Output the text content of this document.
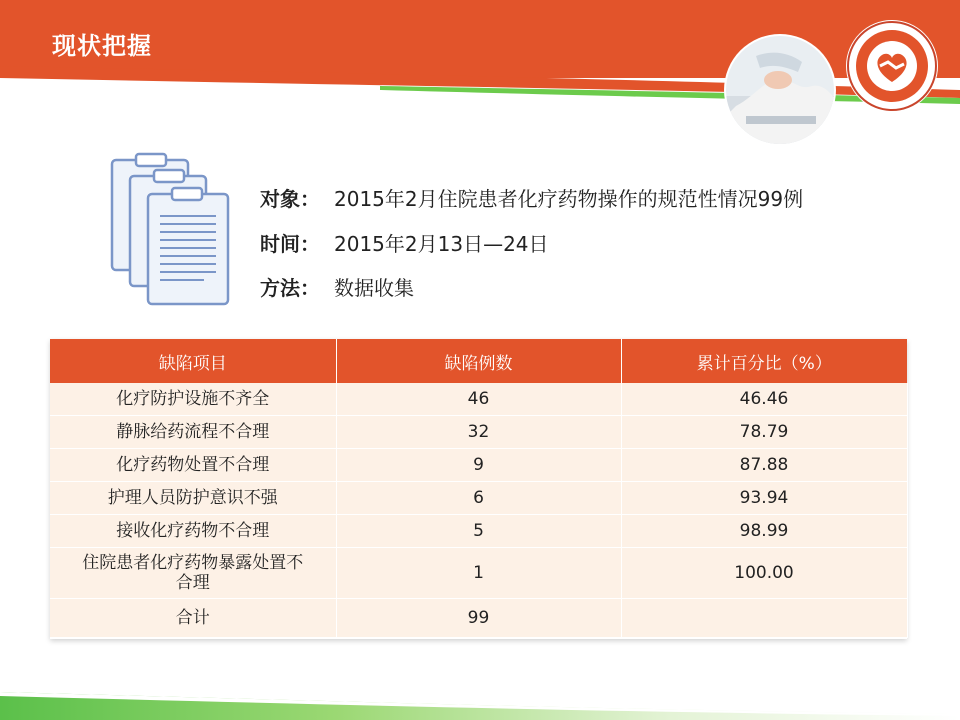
现状把握
对象： 2015年2月住院患者化疗药物操作的规范性情况99例
时间： 2015年2月13日—24日
方法： 数据收集
缺陷项目	缺陷例数	累计百分比（%）
化疗防护设施不齐全	46	46.46
静脉给药流程不合理	32	78.79
化疗药物处置不合理	9	87.88
护理人员防护意识不强	6	93.94
接收化疗药物不合理	5	98.99
住院患者化疗药物暴露处置不合理	1	100.00
合计	99	
